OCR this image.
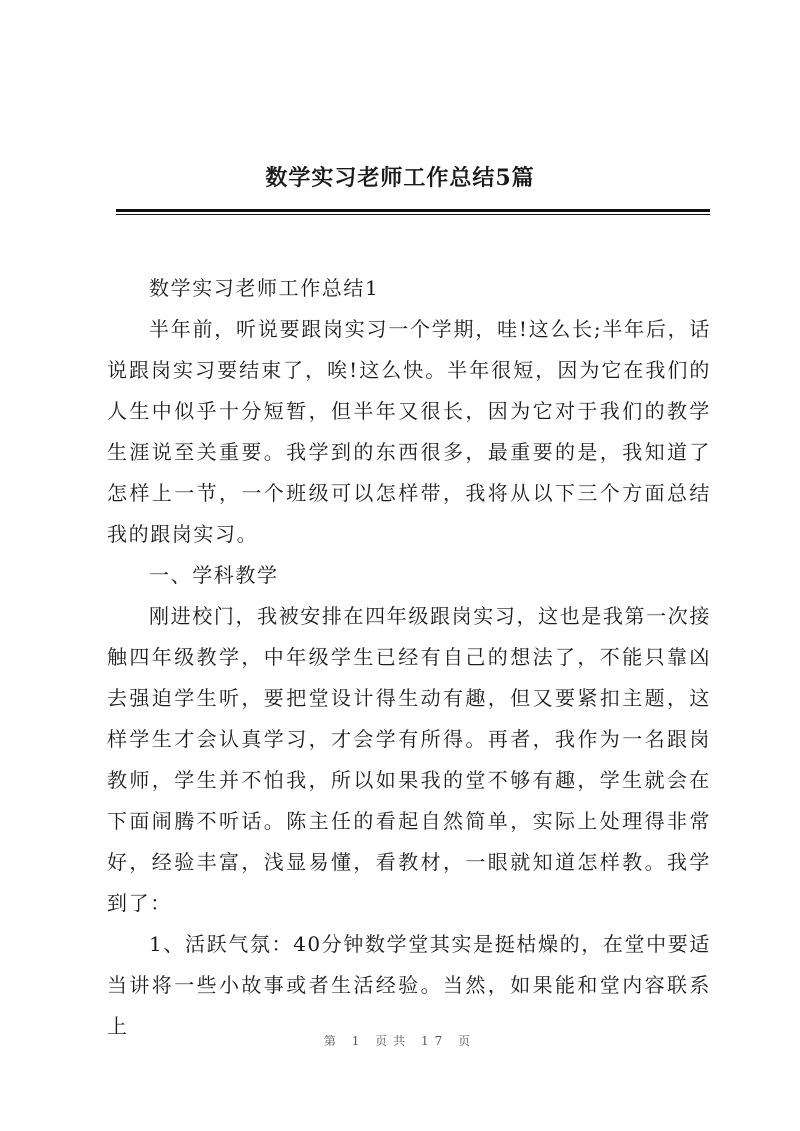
数学实习老师工作总结5篇

数学实习老师工作总结1

半年前，听说要跟岗实习一个学期，哇!这么长;半年后，话说跟岗实习要结束了，唉!这么快。半年很短，因为它在我们的人生中似乎十分短暂，但半年又很长，因为它对于我们的教学生涯说至关重要。我学到的东西很多，最重要的是，我知道了怎样上一节，一个班级可以怎样带，我将从以下三个方面总结我的跟岗实习。

一、学科教学

刚进校门，我被安排在四年级跟岗实习，这也是我第一次接触四年级教学，中年级学生已经有自己的想法了，不能只靠凶去强迫学生听，要把堂设计得生动有趣，但又要紧扣主题，这样学生才会认真学习，才会学有所得。再者，我作为一名跟岗教师，学生并不怕我，所以如果我的堂不够有趣，学生就会在下面闹腾不听话。陈主任的看起自然简单，实际上处理得非常好，经验丰富，浅显易懂，看教材，一眼就知道怎样教。我学到了：

1、活跃气氛：40分钟数学堂其实是挺枯燥的，在堂中要适当讲将一些小故事或者生活经验。当然，如果能和堂内容联系上

第 1 页共 17 页
